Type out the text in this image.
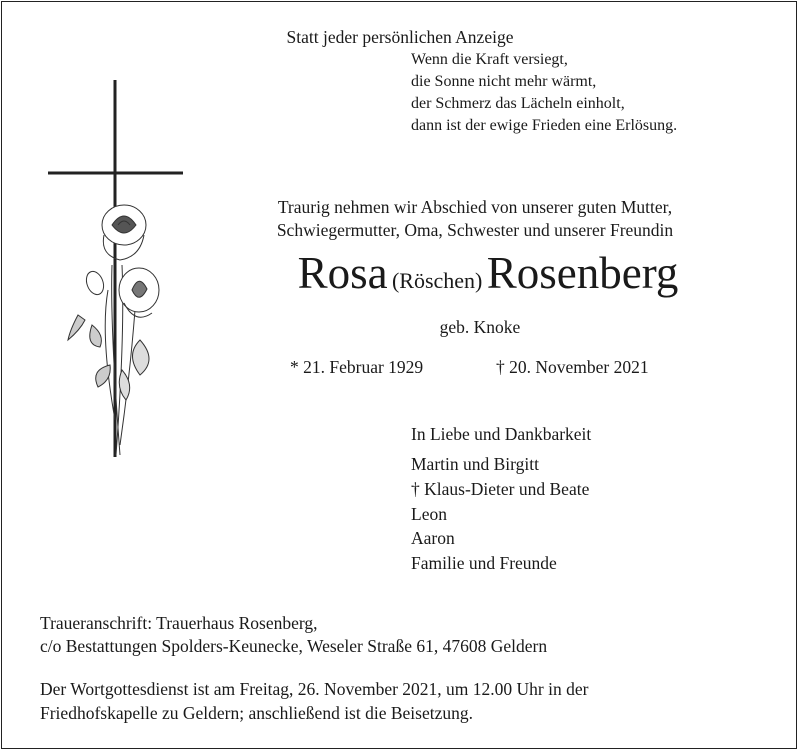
Statt jeder persönlichen Anzeige
Wenn die Kraft versiegt,
die Sonne nicht mehr wärmt,
der Schmerz das Lächeln einholt,
dann ist der ewige Frieden eine Erlösung.
Traurig nehmen wir Abschied von unserer guten Mutter,
Schwiegermutter, Oma, Schwester und unserer Freundin
Rosa (Röschen) Rosenberg
geb. Knoke
* 21. Februar 1929	† 20. November 2021
In Liebe und Dankbarkeit
Martin und Birgitt
† Klaus-Dieter und Beate
Leon
Aaron
Familie und Freunde
Traueranschrift: Trauerhaus Rosenberg,
c/o Bestattungen Spolders-Keunecke, Weseler Straße 61, 47608 Geldern
Der Wortgottesdienst ist am Freitag, 26. November 2021, um 12.00 Uhr in der
Friedhofskapelle zu Geldern; anschließend ist die Beisetzung.
